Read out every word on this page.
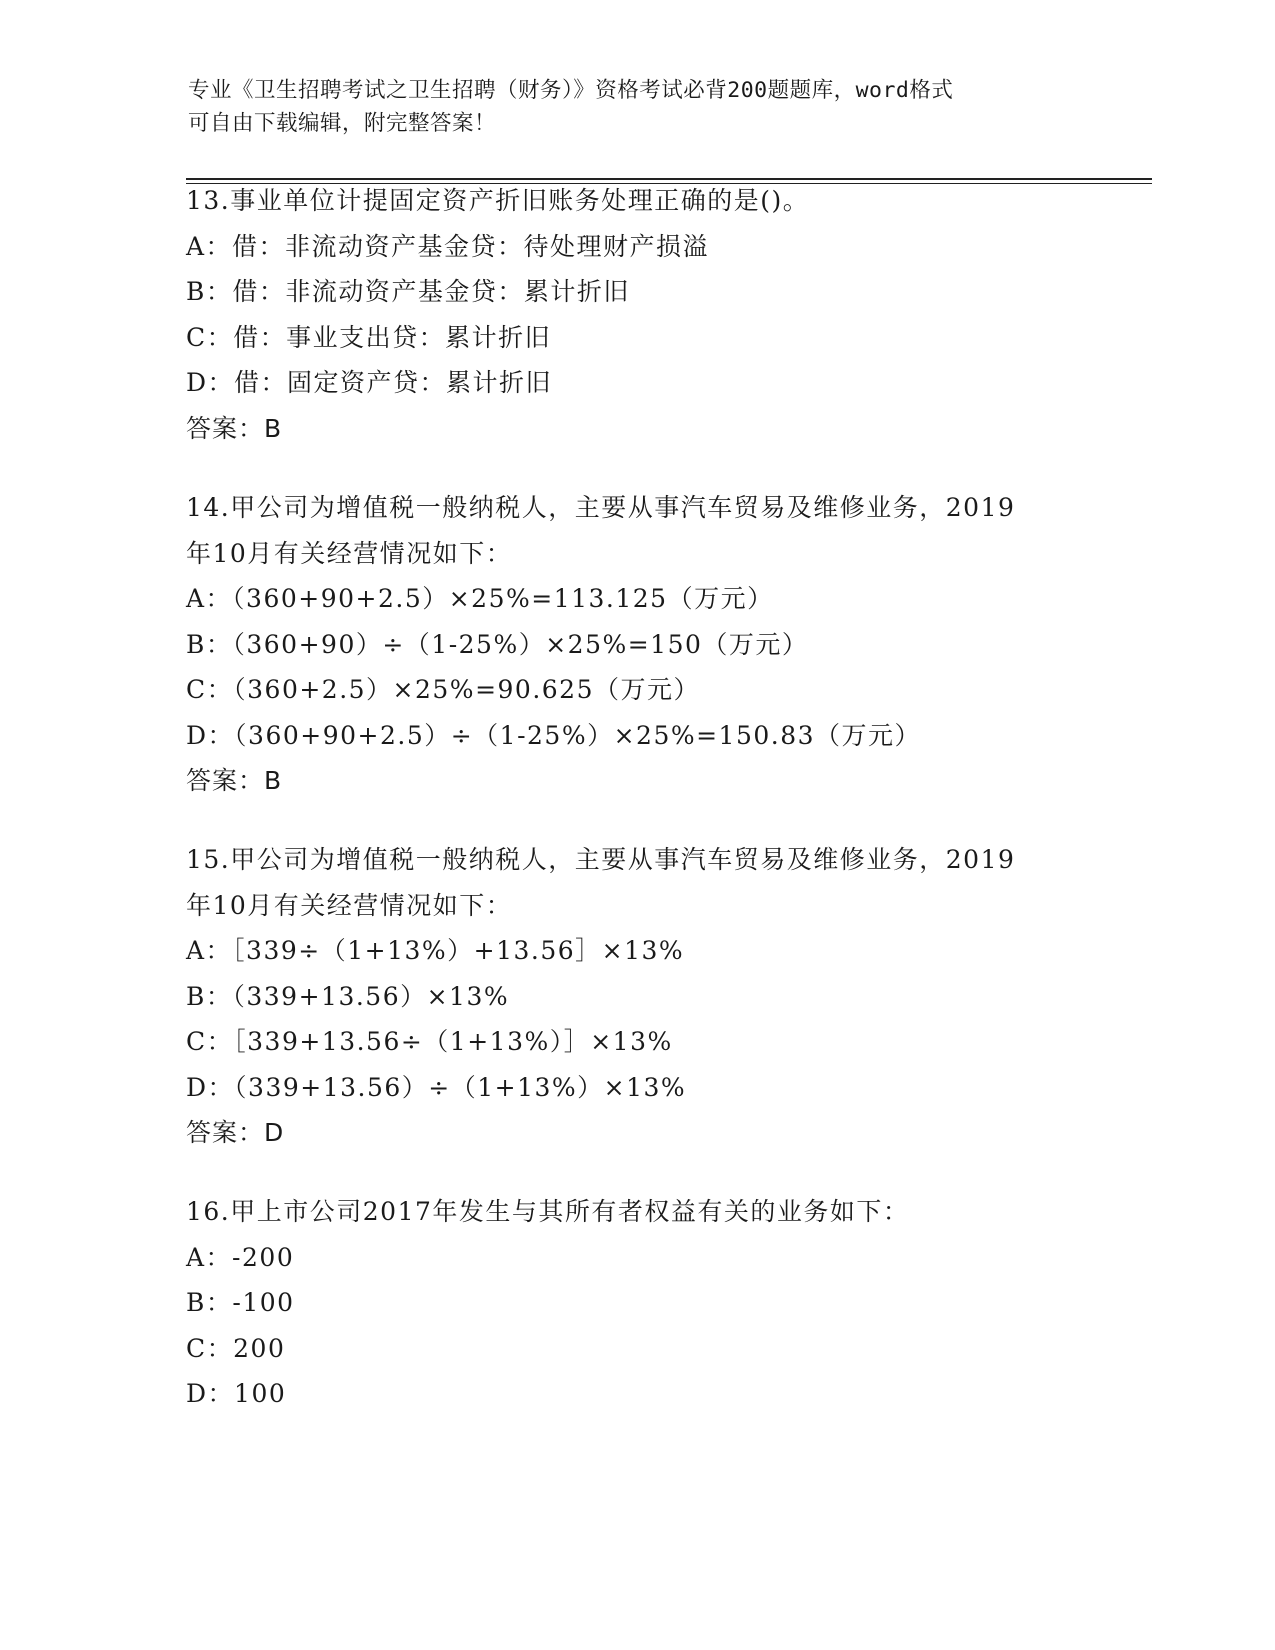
专业《卫生招聘考试之卫生招聘（财务）》资格考试必背200题题库，word格式
可自由下载编辑，附完整答案！
13.事业单位计提固定资产折旧账务处理正确的是()。
A：借：非流动资产基金贷：待处理财产损溢
B：借：非流动资产基金贷：累计折旧
C：借：事业支出贷：累计折旧
D：借：固定资产贷：累计折旧
答案：B
14.甲公司为增值税一般纳税人，主要从事汽车贸易及维修业务，2019
年10月有关经营情况如下：
A：（360+90+2.5）×25%=113.125（万元）
B：（360+90）÷（1-25%）×25%=150（万元）
C：（360+2.5）×25%=90.625（万元）
D：（360+90+2.5）÷（1-25%）×25%=150.83（万元）
答案：B
15.甲公司为增值税一般纳税人，主要从事汽车贸易及维修业务，2019
年10月有关经营情况如下：
A：［339÷（1+13%）+13.56］×13%
B：（339+13.56）×13%
C：［339+13.56÷（1+13%）］×13%
D：（339+13.56）÷（1+13%）×13%
答案：D
16.甲上市公司2017年发生与其所有者权益有关的业务如下：
A：-200
B：-100
C：200
D：100
